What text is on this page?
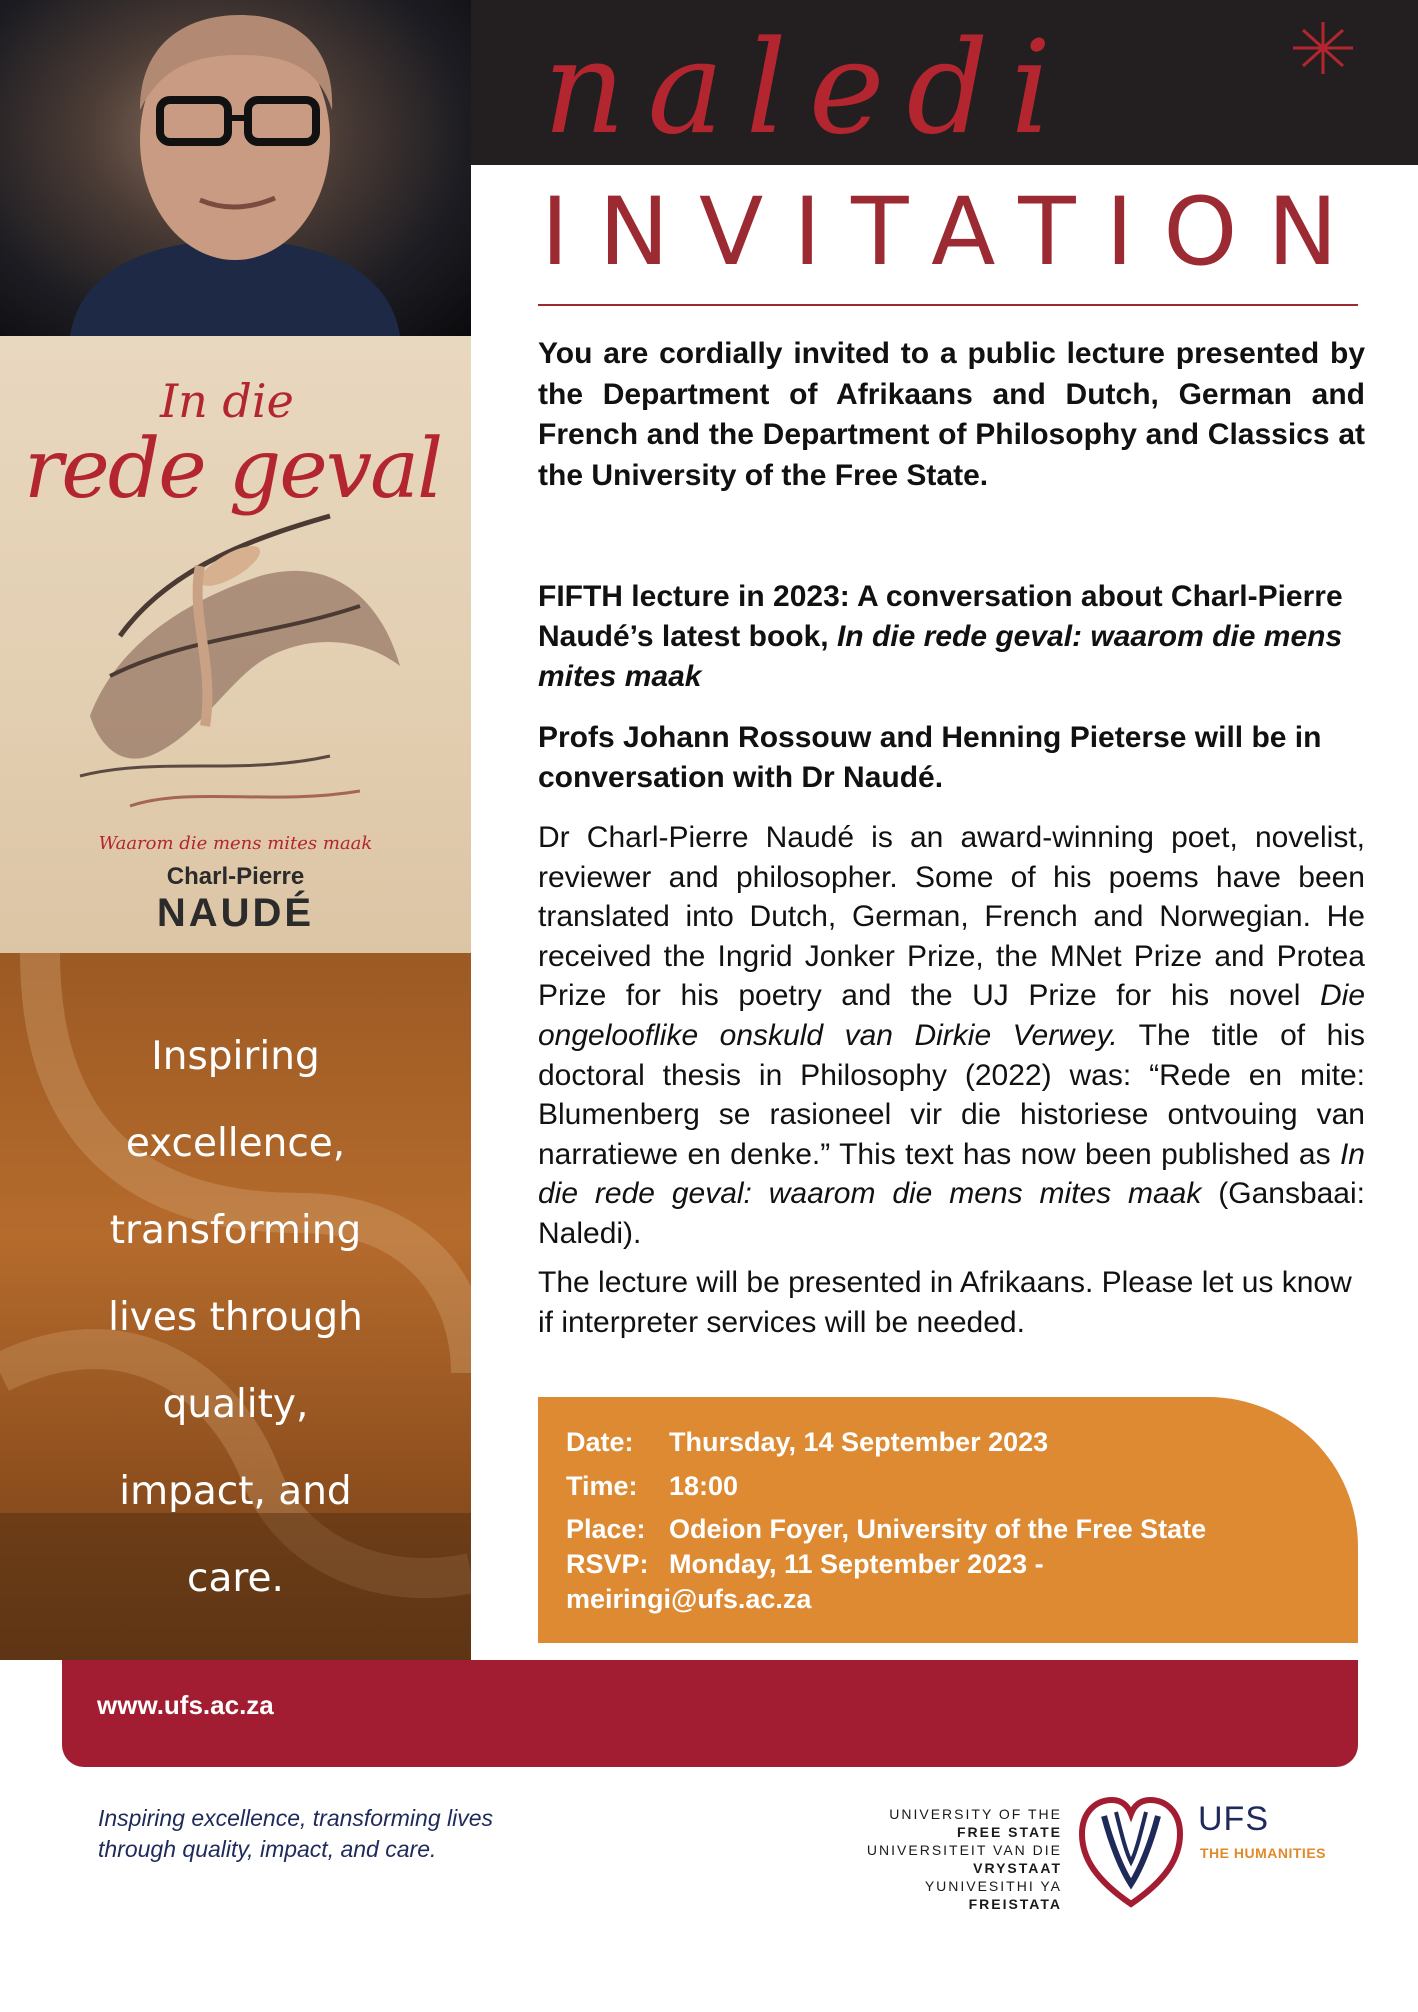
In die
rede geval
Waarom die mens mites maak
Charl-Pierre
NAUDÉ
Inspiring
excellence,
transforming
lives through
quality,
impact, and
care.
naledi
INVITATION
You are cordially invited to a public lecture presented by the Department of Afrikaans and Dutch, German and French and the Department of Philosophy and Classics at the University of the Free State.
FIFTH lecture in 2023: A conversation about Charl-Pierre Naudé’s latest book, In die rede geval: waarom die mens mites maak
Profs Johann Rossouw and Henning Pieterse will be in conversation with Dr Naudé.
Dr Charl-Pierre Naudé is an award-winning poet, novelist, reviewer and philosopher. Some of his poems have been translated into Dutch, German, French and Norwegian. He received the Ingrid Jonker Prize, the MNet Prize and Protea Prize for his poetry and the UJ Prize for his novel Die ongelooflike onskuld van Dirkie Verwey. The title of his doctoral thesis in Philosophy (2022) was: “Rede en mite: Blumenberg se rasioneel vir die historiese ontvouing van narratiewe en denke.” This text has now been published as In die rede geval: waarom die mens mites maak (Gansbaai: Naledi).
The lecture will be presented in Afrikaans. Please let us know if interpreter services will be needed.
Date: Thursday, 14 September 2023
Time: 18:00
Place: Odeion Foyer, University of the Free State
RSVP: Monday, 11 September 2023 -
meiringi@ufs.ac.za
www.ufs.ac.za
Inspiring excellence, transforming lives
through quality, impact, and care.
UNIVERSITY OF THE
FREE STATE
UNIVERSITEIT VAN DIE
VRYSTAAT
YUNIVESITHI YA
FREISTATA
UFS
THE HUMANITIES
